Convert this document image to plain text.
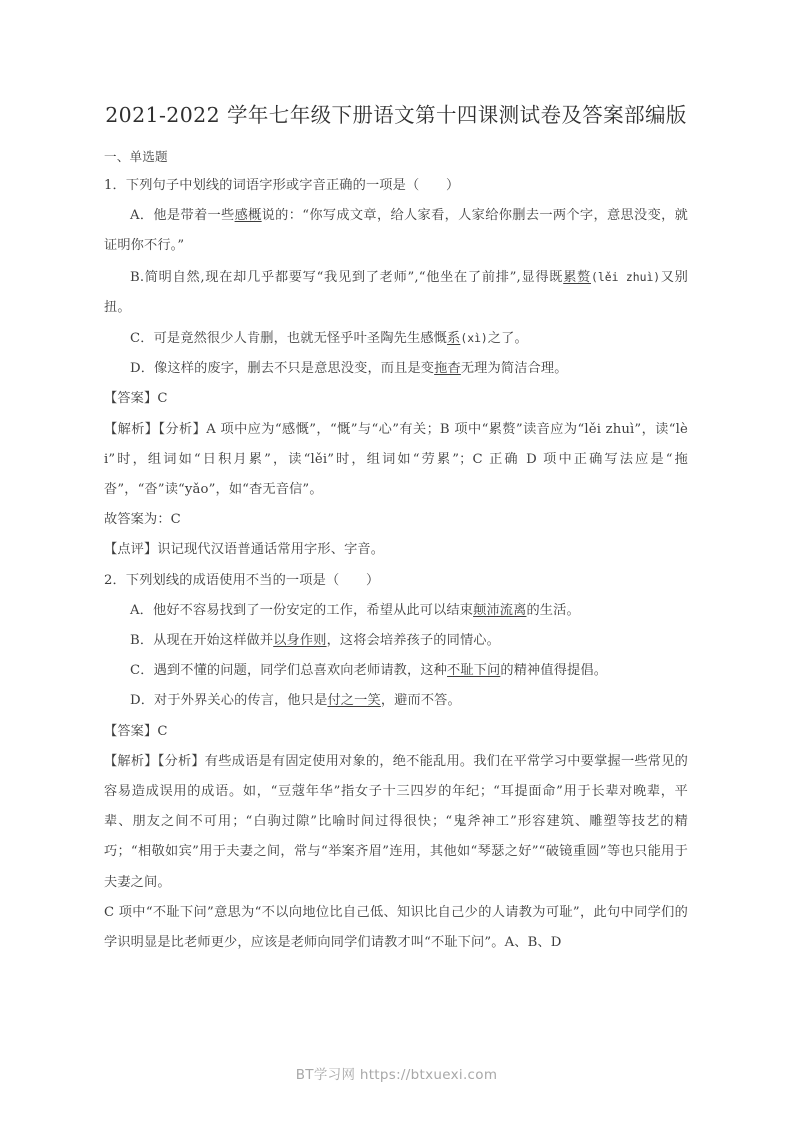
2021-2022 学年七年级下册语文第十四课测试卷及答案部编版

一、单选题

1．下列句子中划线的词语字形或字音正确的一项是（　　）

A．他是带着一些感概说的：“你写成文章，给人家看，人家给你删去一两个字，意思没变，就证明你不行。”

B.简明自然,现在却几乎都要写“我见到了老师”,“他坐在了前排”,显得既累赘(lěi zhuì)又别扭。

C．可是竟然很少人肯删，也就无怪乎叶圣陶先生感慨系(xì)之了。

D．像这样的废字，删去不只是意思没变，而且是变拖杳无理为简洁合理。

【答案】C

【解析】【分析】A 项中应为“感慨”，“慨”与“心”有关；B 项中“累赘”读音应为“lěi zhuì”，读“lèi”时，组词如“日积月累”，读“lěi”时，组词如“劳累”；C 正确 D 项中正确写法应是“拖沓”，“沓”读“yǎo”，如“杳无音信”。

故答案为：C

【点评】识记现代汉语普通话常用字形、字音。

2．下列划线的成语使用不当的一项是（　　）

A．他好不容易找到了一份安定的工作，希望从此可以结束颠沛流离的生活。

B．从现在开始这样做并以身作则，这将会培养孩子的同情心。

C．遇到不懂的问题，同学们总喜欢向老师请教，这种不耻下问的精神值得提倡。

D．对于外界关心的传言，他只是付之一笑，避而不答。

【答案】C

【解析】【分析】有些成语是有固定使用对象的，绝不能乱用。我们在平常学习中要掌握一些常见的容易造成误用的成语。如，“豆蔻年华”指女子十三四岁的年纪；“耳提面命”用于长辈对晚辈，平辈、朋友之间不可用；“白驹过隙”比喻时间过得很快；“鬼斧神工”形容建筑、雕塑等技艺的精巧；“相敬如宾”用于夫妻之间，常与“举案齐眉”连用，其他如“琴瑟之好”“破镜重圆”等也只能用于夫妻之间。

C 项中“不耻下问”意思为“不以向地位比自己低、知识比自己少的人请教为可耻”，此句中同学们的学识明显是比老师更少，应该是老师向同学们请教才叫“不耻下问”。A、B、D

BT学习网 https://btxuexi.com
